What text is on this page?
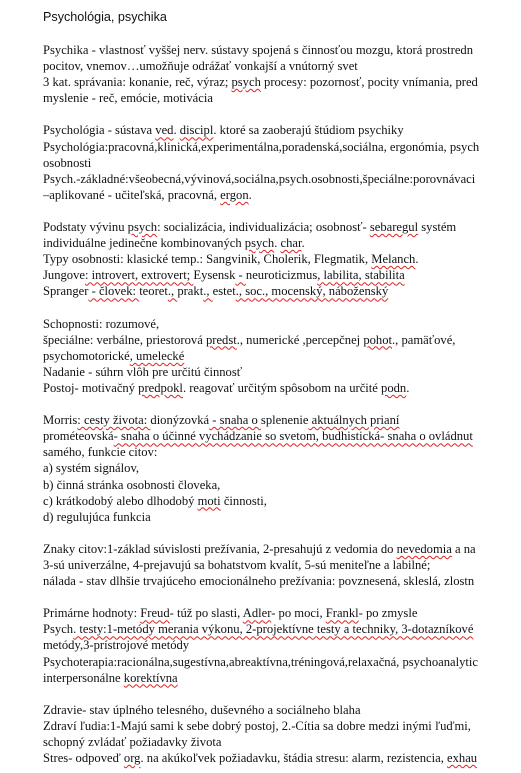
Psychológia, psychika
Psychika - vlastnosť vyššej nerv. sústavy spojená s činnosťou mozgu, ktorá prostredn
pocitov, vnemov…umožňuje odrážať vonkajší a vnútorný svet
3 kat. správania: konanie, reč, výraz; psych procesy: pozornosť, pocity vnímania, pred
myslenie - reč, emócie, motivácia
Psychológia - sústava ved. discipl. ktoré sa zaoberajú štúdiom psychiky
Psychológia:pracovná,klinická,experimentálna,poradenská,sociálna, ergonómia, psych
osobnosti
Psych.-základné:všeobecná,vývinová,sociálna,psych.osobnosti,špeciálne:porovnávaci
–aplikované - učiteľská, pracovná, ergon.
Podstaty vývinu psych: socializácia, individualizácia; osobnosť- sebaregul systém
individuálne jedinečne kombinovaných psych. char.
Typy osobnosti: klasické temp.: Sangvinik, Cholerik, Flegmatik, Melanch.
Jungove: introvert, extrovert; Eysensk - neuroticizmus, labilita, stabilita
Spranger - človek: teoret., prakt., estet., soc., mocenský, náboženský
Schopnosti: rozumové,
špeciálne: verbálne, priestorová predst., numerické ,percepčnej pohot., pamäťové,
psychomotorické, umelecké
Nadanie - súhrn vlôh pre určitú činnosť
Postoj- motivačný predpokl. reagovať určitým spôsobom na určité podn.
Morris: cesty života: dionýzovká - snaha o splenenie aktuálnych prianí
prométeovská- snaha o účinné vychádzanie so svetom, budhistická- snaha o ovládnut
samého, funkcie citov:
a) systém signálov,
b) činná stránka osobnosti človeka,
c) krátkodobý alebo dlhodobý moti činnosti,
d) regulujúca funkcia
Znaky citov:1-základ súvislosti prežívania, 2-presahujú z vedomia do nevedomia a na
3-sú univerzálne, 4-prejavujú sa bohatstvom kvalít, 5-sú meniteľne a labilné;
nálada - stav dlhšie trvajúceho emocionálneho prežívania: povznesená, skleslá, zlostn
Primárne hodnoty: Freud- túž po slasti, Adler- po moci, Frankl- po zmysle
Psych. testy:1-metódy merania výkonu, 2-projektívne testy a techniky, 3-dotazníkové
metódy,3-prístrojové metódy
Psychoterapia:racionálna,sugestívna,abreaktívna,tréningová,relaxačná, psychoanalytic
interpersonálne korektívna
Zdravie- stav úplného telesného, duševného a sociálneho blaha
Zdraví ľudia:1-Majú sami k sebe dobrý postoj, 2.-Cítia sa dobre medzi inými ľuďmi,
schopný zvládať požiadavky života
Stres- odpoveď org. na akúkoľvek požiadavku, štádia stresu: alarm, rezistencia, exhau
